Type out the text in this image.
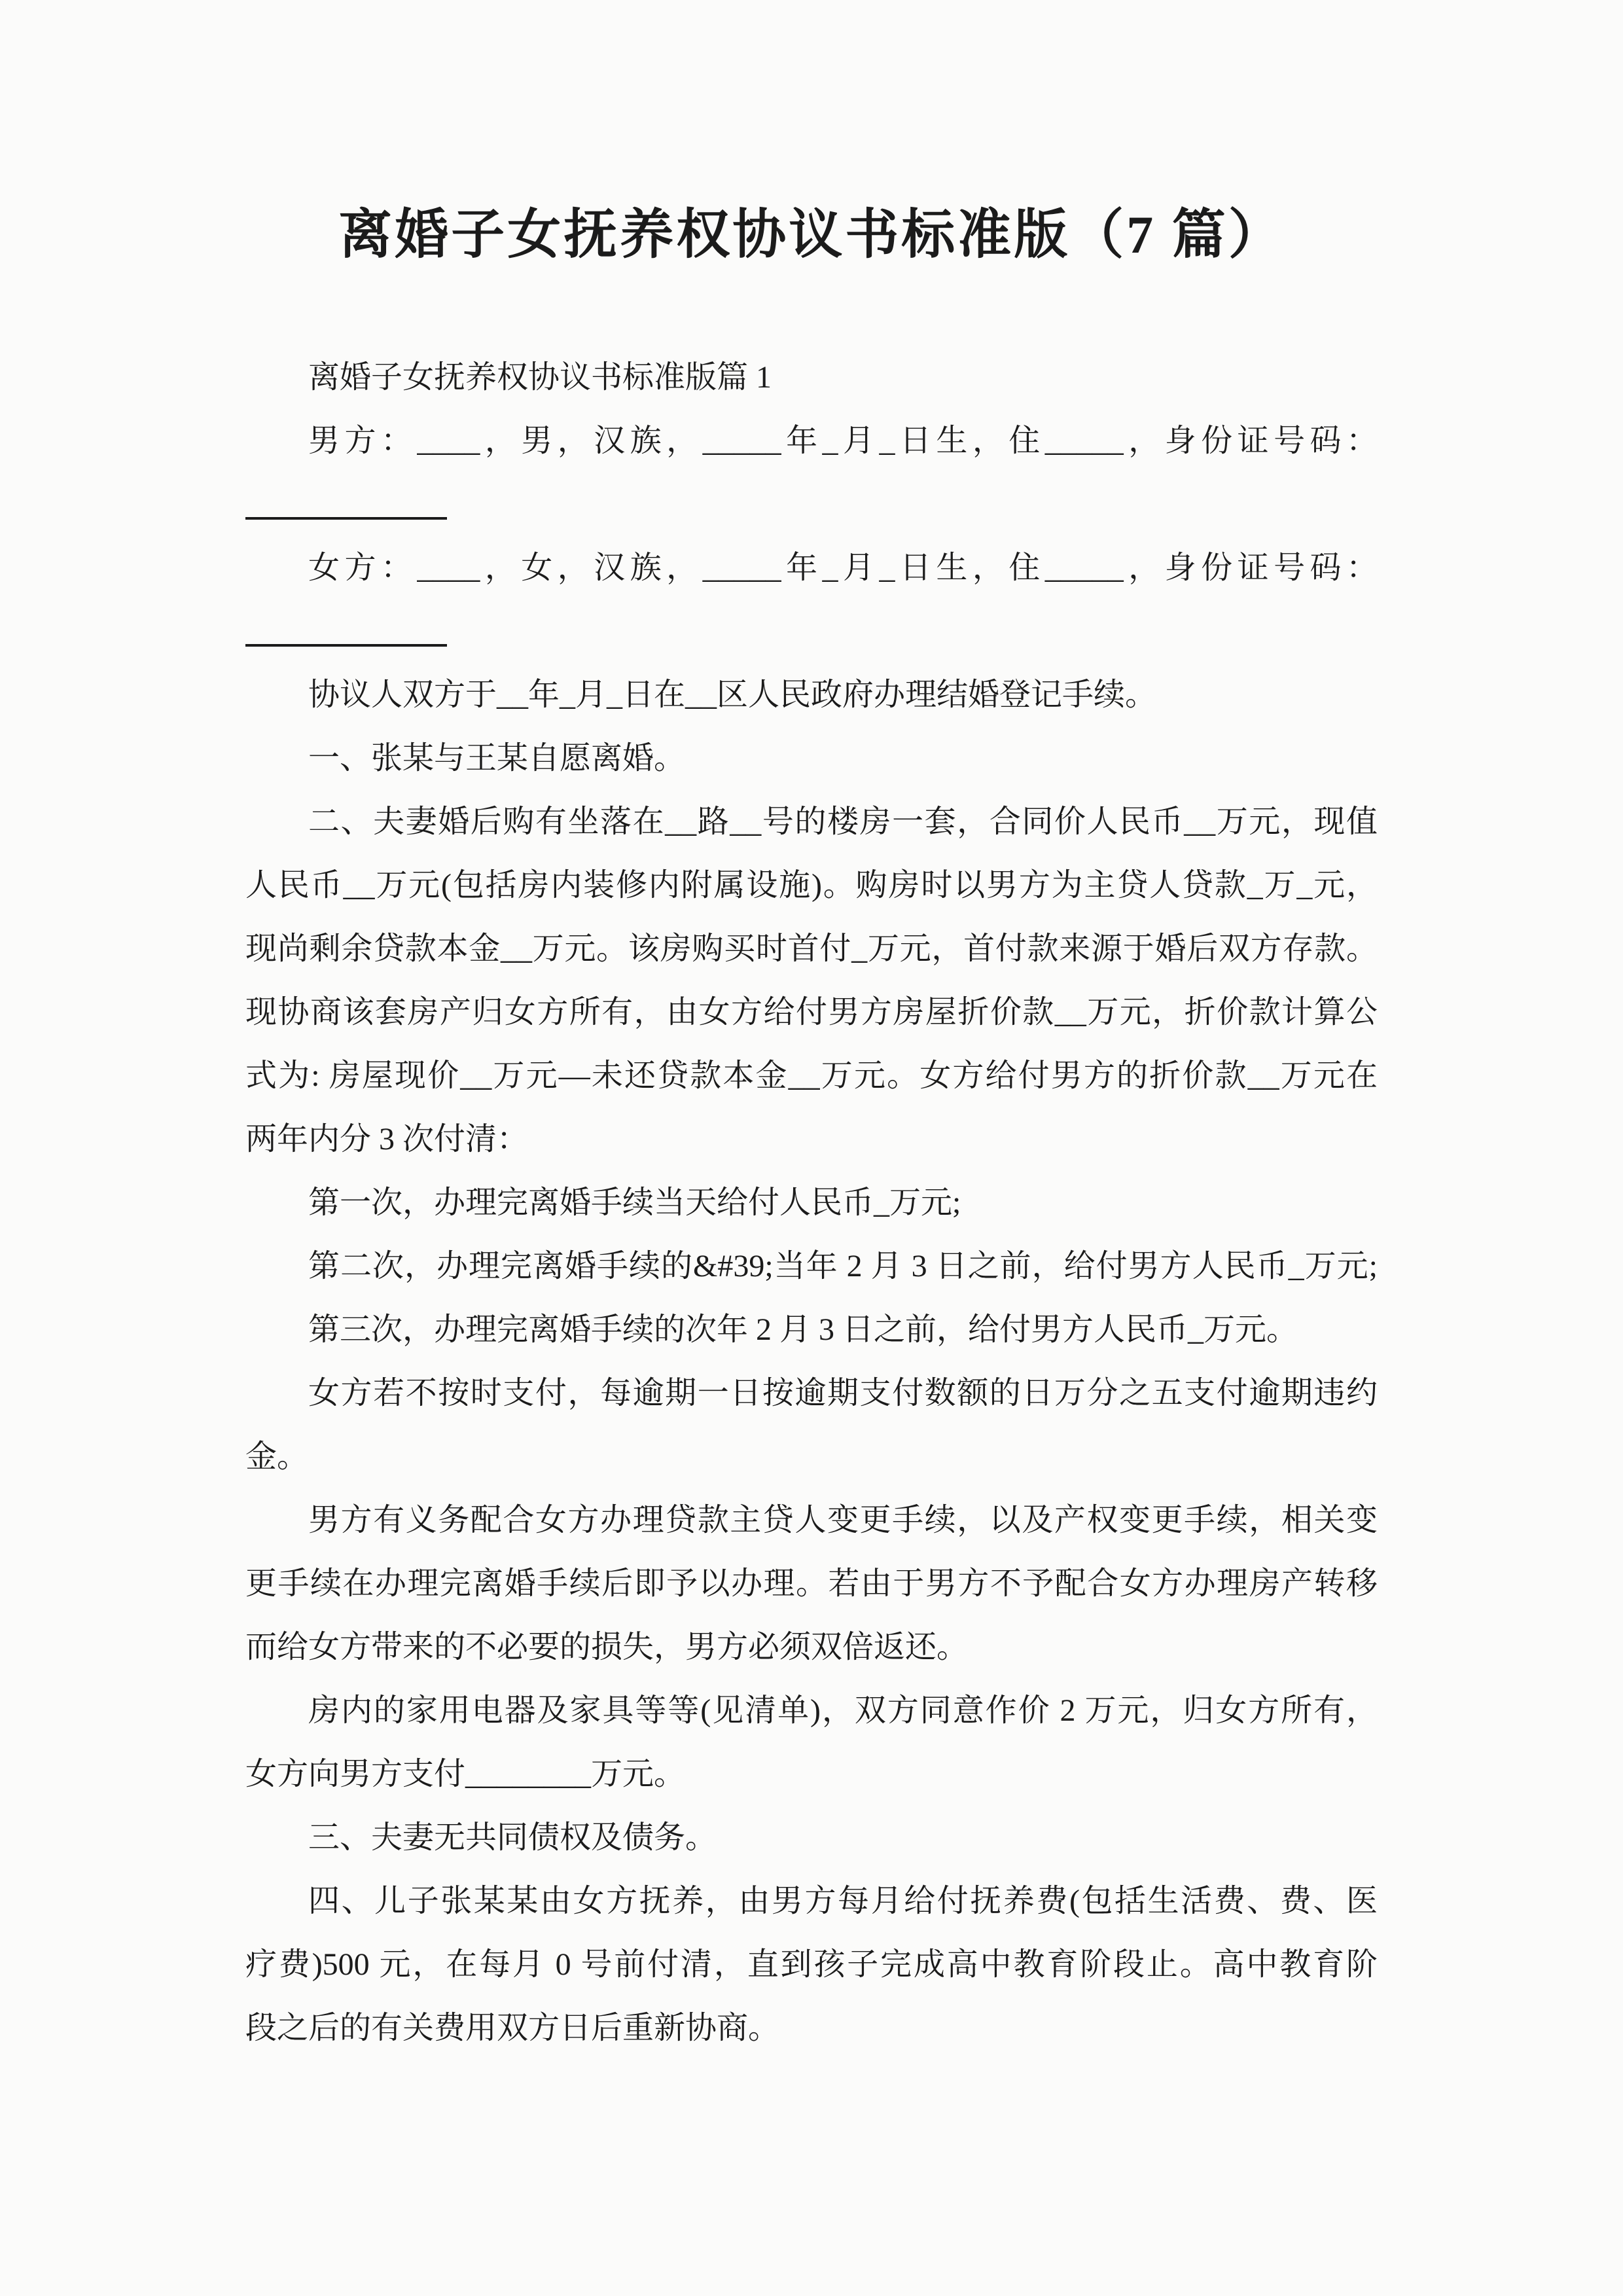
离婚子女抚养权协议书标准版（7 篇）
离婚子女抚养权协议书标准版篇 1
男方：____，男，汉族，_____年_月_日生，住_____，身份证号码：
女方：____，女，汉族，_____年_月_日生，住_____，身份证号码：
协议人双方于__年_月_日在__区人民政府办理结婚登记手续。
一、张某与王某自愿离婚。
二、夫妻婚后购有坐落在__路__号的楼房一套，合同价人民币__万元，现值
人民币__万元(包括房内装修内附属设施)。购房时以男方为主贷人贷款_万_元，
现尚剩余贷款本金__万元。该房购买时首付_万元，首付款来源于婚后双方存款。
现协商该套房产归女方所有，由女方给付男方房屋折价款__万元，折价款计算公
式为: 房屋现价__万元—未还贷款本金__万元。女方给付男方的折价款__万元在
两年内分 3 次付清：
第一次，办理完离婚手续当天给付人民币_万元;
第二次，办理完离婚手续的&#39;当年 2 月 3 日之前，给付男方人民币_万元;
第三次，办理完离婚手续的次年 2 月 3 日之前，给付男方人民币_万元。
女方若不按时支付，每逾期一日按逾期支付数额的日万分之五支付逾期违约
金。
男方有义务配合女方办理贷款主贷人变更手续，以及产权变更手续，相关变
更手续在办理完离婚手续后即予以办理。若由于男方不予配合女方办理房产转移
而给女方带来的不必要的损失，男方必须双倍返还。
房内的家用电器及家具等等(见清单)，双方同意作价 2 万元，归女方所有，
女方向男方支付________万元。
三、夫妻无共同债权及债务。
四、儿子张某某由女方抚养，由男方每月给付抚养费(包括生活费、费、医
疗费)500 元，在每月 0 号前付清，直到孩子完成高中教育阶段止。高中教育阶
段之后的有关费用双方日后重新协商。
